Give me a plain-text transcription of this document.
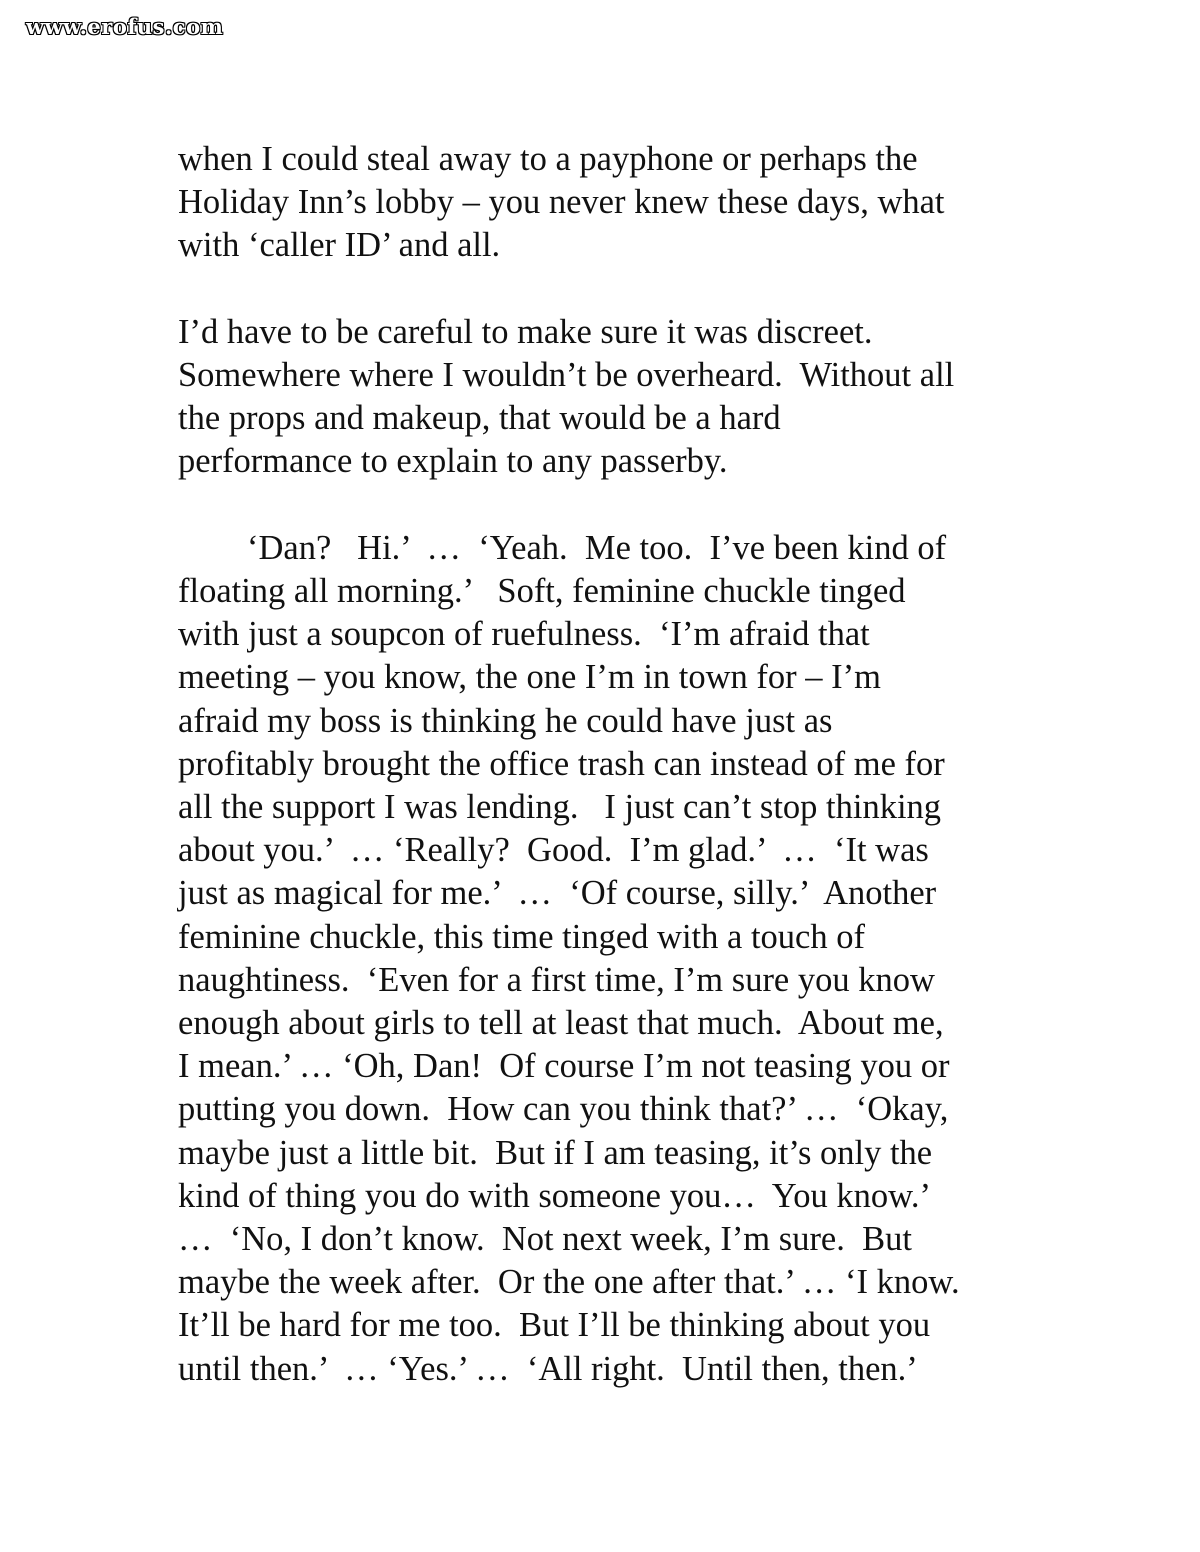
www.erofus.com

when I could steal away to a payphone or perhaps the
Holiday Inn’s lobby – you never knew these days, what
with ‘caller ID’ and all.

I’d have to be careful to make sure it was discreet.
Somewhere where I wouldn’t be overheard.  Without all
the props and makeup, that would be a hard
performance to explain to any passerby.

‘Dan?   Hi.’  …  ‘Yeah.  Me too.  I’ve been kind of
floating all morning.’   Soft, feminine chuckle tinged
with just a soupcon of ruefulness.  ‘I’m afraid that
meeting – you know, the one I’m in town for – I’m
afraid my boss is thinking he could have just as
profitably brought the office trash can instead of me for
all the support I was lending.   I just can’t stop thinking
about you.’  … ‘Really?  Good.  I’m glad.’  …  ‘It was
just as magical for me.’  …  ‘Of course, silly.’  Another
feminine chuckle, this time tinged with a touch of
naughtiness.  ‘Even for a first time, I’m sure you know
enough about girls to tell at least that much.  About me,
I mean.’ … ‘Oh, Dan!  Of course I’m not teasing you or
putting you down.  How can you think that?’ …  ‘Okay,
maybe just a little bit.  But if I am teasing, it’s only the
kind of thing you do with someone you…  You know.’
…  ‘No, I don’t know.  Not next week, I’m sure.  But
maybe the week after.  Or the one after that.’ … ‘I know.
It’ll be hard for me too.  But I’ll be thinking about you
until then.’  … ‘Yes.’ …  ‘All right.  Until then, then.’
